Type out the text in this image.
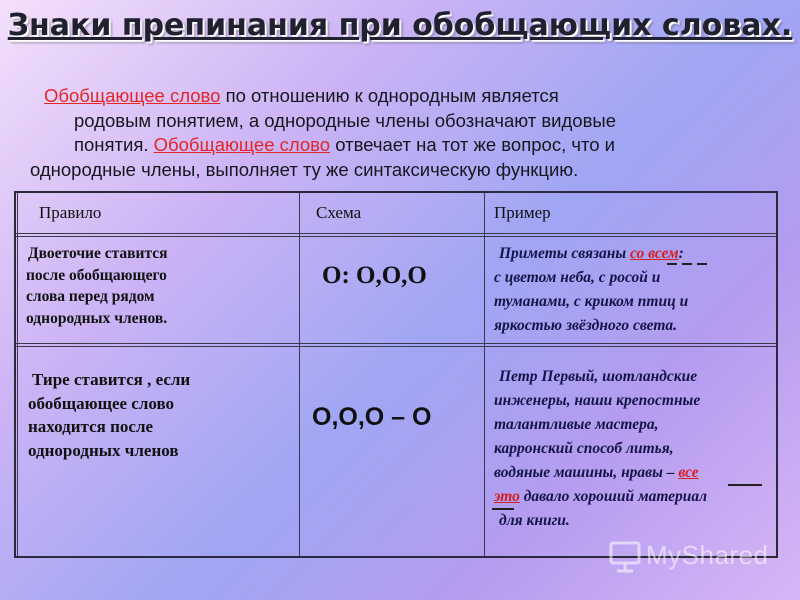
Знаки препинания при обобщающих словах.
Обобщающее слово по отношению к однородным является
родовым понятием, а однородные члены обозначают видовые
понятия. Обобщающее слово отвечает на тот же вопрос, что и
однородные члены, выполняет ту же синтаксическую функцию.
Правило	Схема	Пример
Двоеточие ставится
после обобщающего
слова перед рядом
однородных членов.
О: О,О,О
Приметы связаны со всем:
с цветом неба, с росой и
туманами, с криком птиц и
яркостью звёздного света.
Тире ставится , если
обобщающее слово
находится после
однородных членов
О,О,О – О
Петр Первый, шотландские
инженеры, наши крепостные
талантливые мастера,
карронский способ литья,
водяные машины, нравы – все
это давало хороший материал
для книги.
MyShared
